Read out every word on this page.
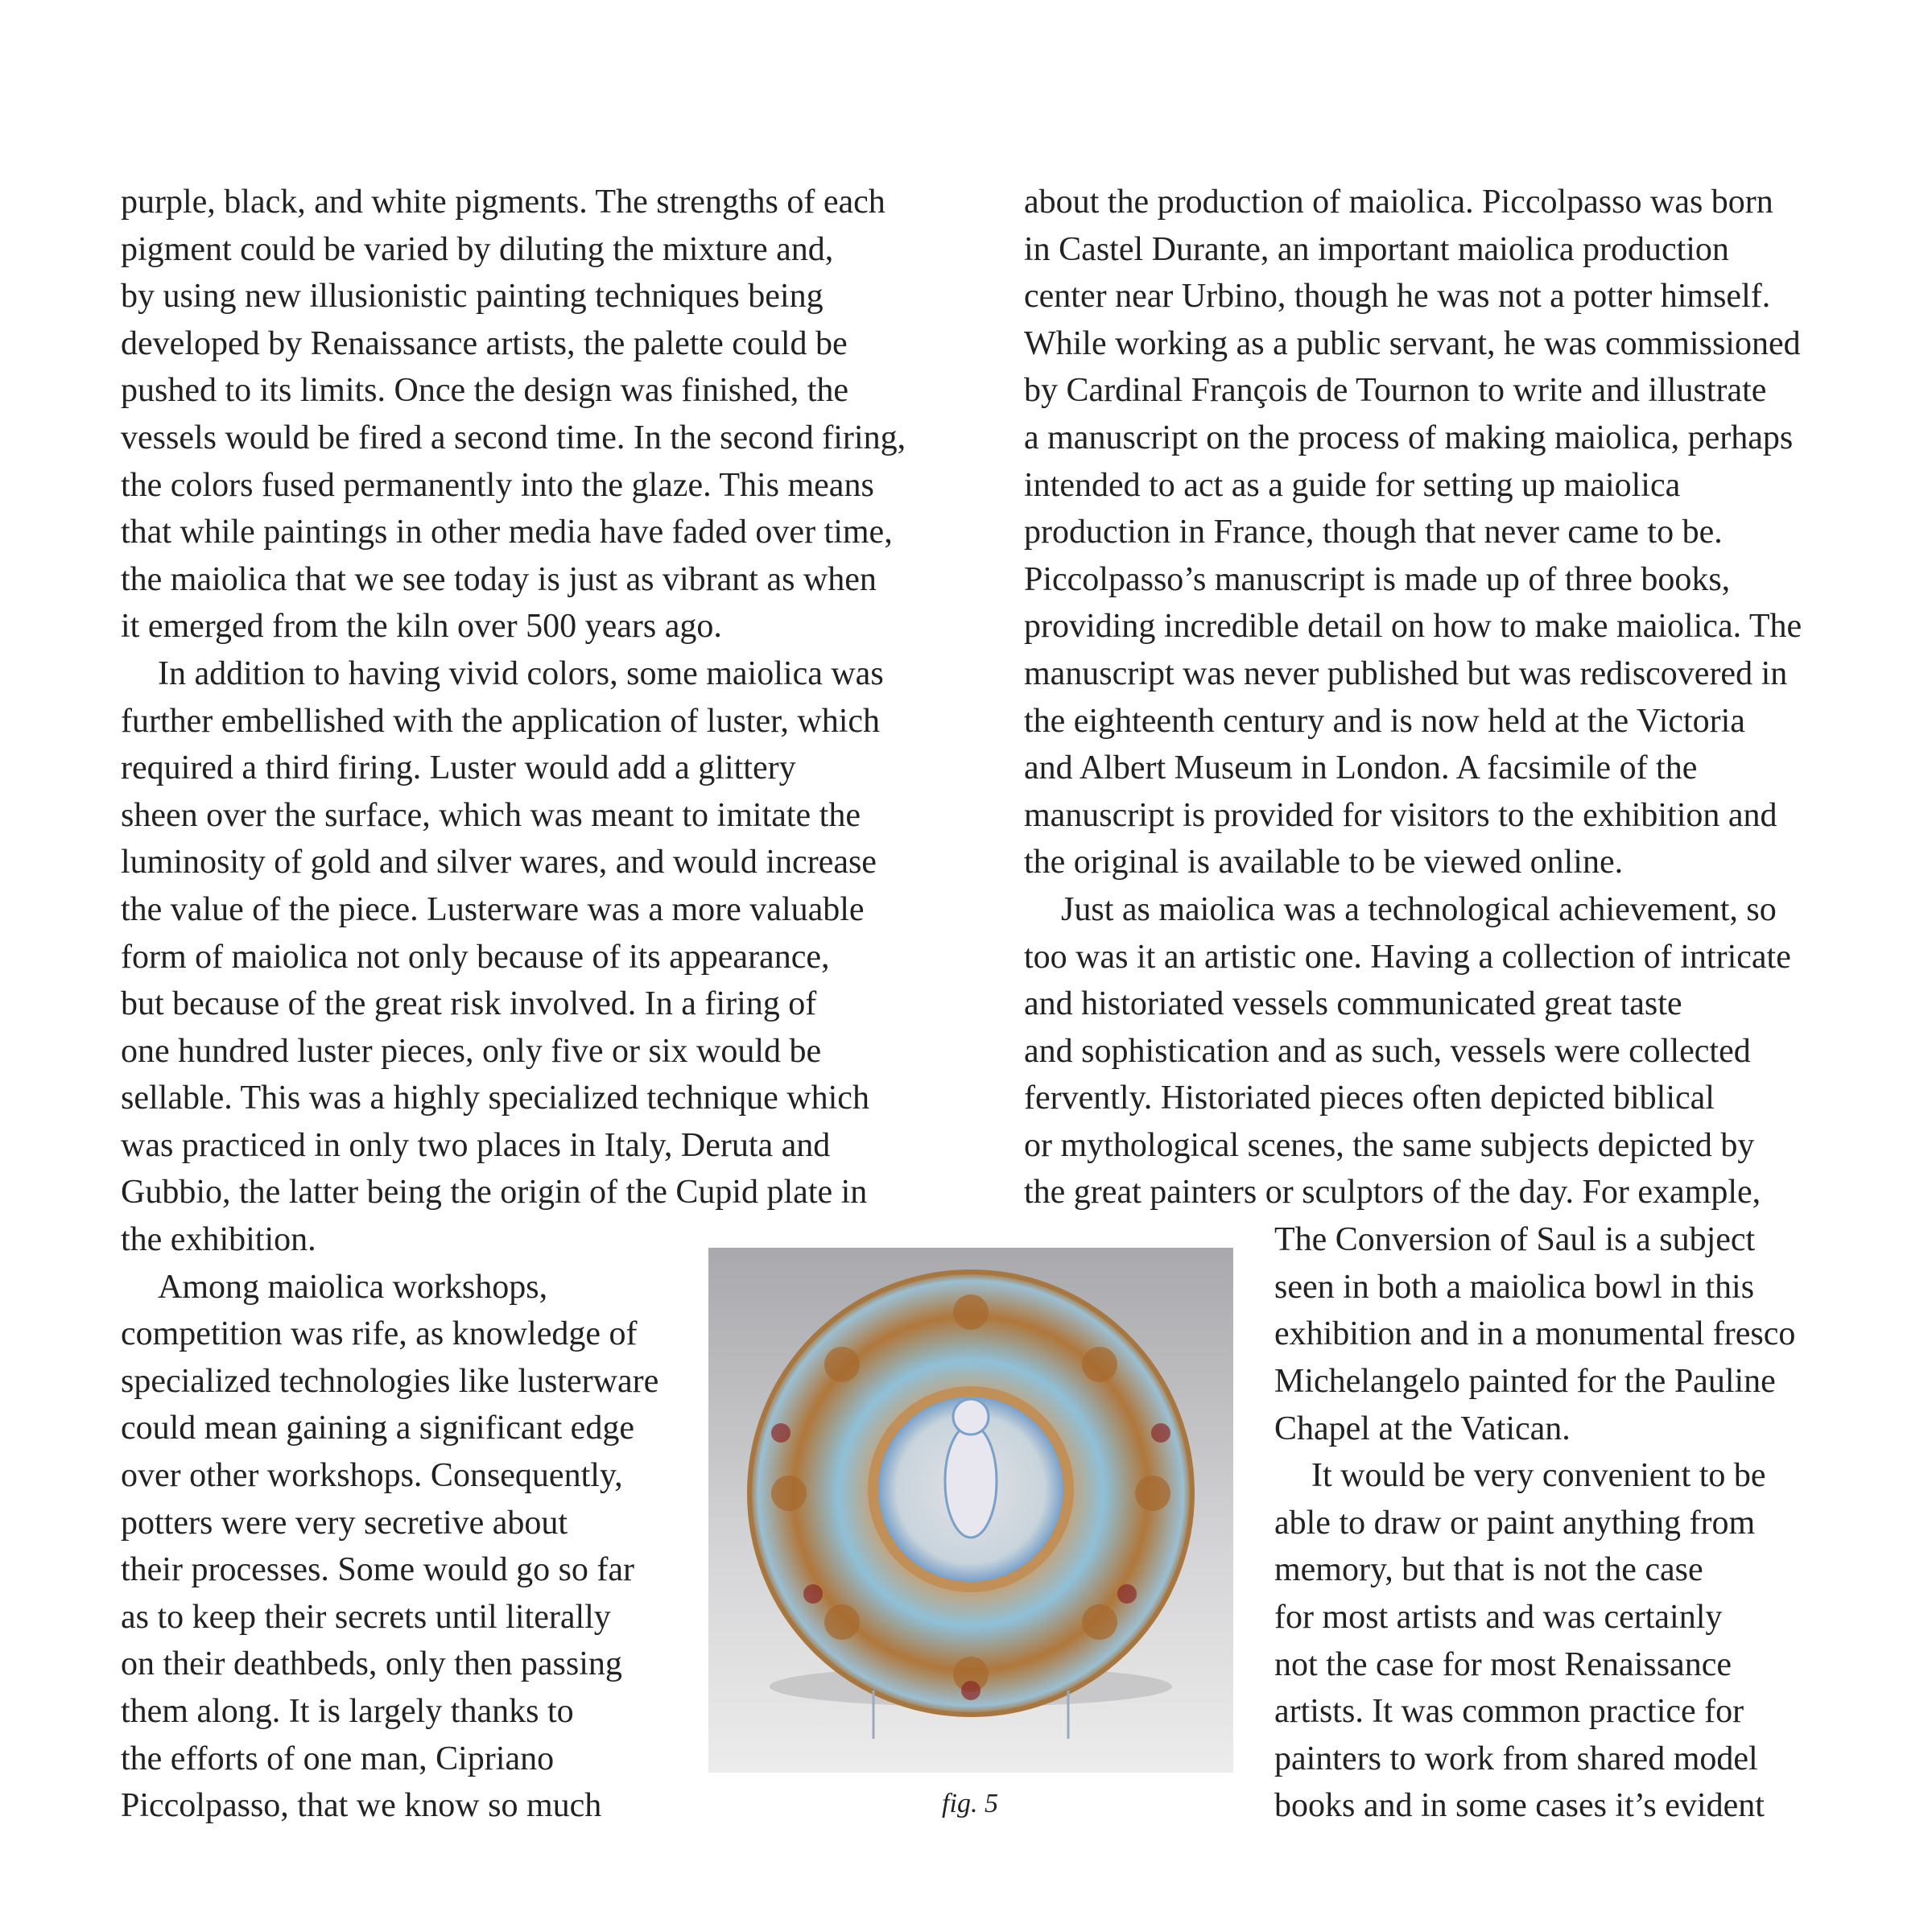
purple, black, and white pigments. The strengths of each
pigment could be varied by diluting the mixture and,
by using new illusionistic painting techniques being
developed by Renaissance artists, the palette could be
pushed to its limits. Once the design was finished, the
vessels would be fired a second time. In the second firing,
the colors fused permanently into the glaze. This means
that while paintings in other media have faded over time,
the maiolica that we see today is just as vibrant as when
it emerged from the kiln over 500 years ago.
In addition to having vivid colors, some maiolica was
further embellished with the application of luster, which
required a third firing. Luster would add a glittery
sheen over the surface, which was meant to imitate the
luminosity of gold and silver wares, and would increase
the value of the piece. Lusterware was a more valuable
form of maiolica not only because of its appearance,
but because of the great risk involved. In a firing of
one hundred luster pieces, only five or six would be
sellable. This was a highly specialized technique which
was practiced in only two places in Italy, Deruta and
Gubbio, the latter being the origin of the Cupid plate in
the exhibition.
Among maiolica workshops,
competition was rife, as knowledge of
specialized technologies like lusterware
could mean gaining a significant edge
over other workshops. Consequently,
potters were very secretive about
their processes. Some would go so far
as to keep their secrets until literally
on their deathbeds, only then passing
them along. It is largely thanks to
the efforts of one man, Cipriano
Piccolpasso, that we know so much
about the production of maiolica. Piccolpasso was born
in Castel Durante, an important maiolica production
center near Urbino, though he was not a potter himself.
While working as a public servant, he was commissioned
by Cardinal François de Tournon to write and illustrate
a manuscript on the process of making maiolica, perhaps
intended to act as a guide for setting up maiolica
production in France, though that never came to be.
Piccolpasso’s manuscript is made up of three books,
providing incredible detail on how to make maiolica. The
manuscript was never published but was rediscovered in
the eighteenth century and is now held at the Victoria
and Albert Museum in London. A facsimile of the
manuscript is provided for visitors to the exhibition and
the original is available to be viewed online.
Just as maiolica was a technological achievement, so
too was it an artistic one. Having a collection of intricate
and historiated vessels communicated great taste
and sophistication and as such, vessels were collected
fervently. Historiated pieces often depicted biblical
or mythological scenes, the same subjects depicted by
the great painters or sculptors of the day. For example,
The Conversion of Saul is a subject
seen in both a maiolica bowl in this
exhibition and in a monumental fresco
Michelangelo painted for the Pauline
Chapel at the Vatican.
It would be very convenient to be
able to draw or paint anything from
memory, but that is not the case
for most artists and was certainly
not the case for most Renaissance
artists. It was common practice for
painters to work from shared model
books and in some cases it’s evident
fig. 5
